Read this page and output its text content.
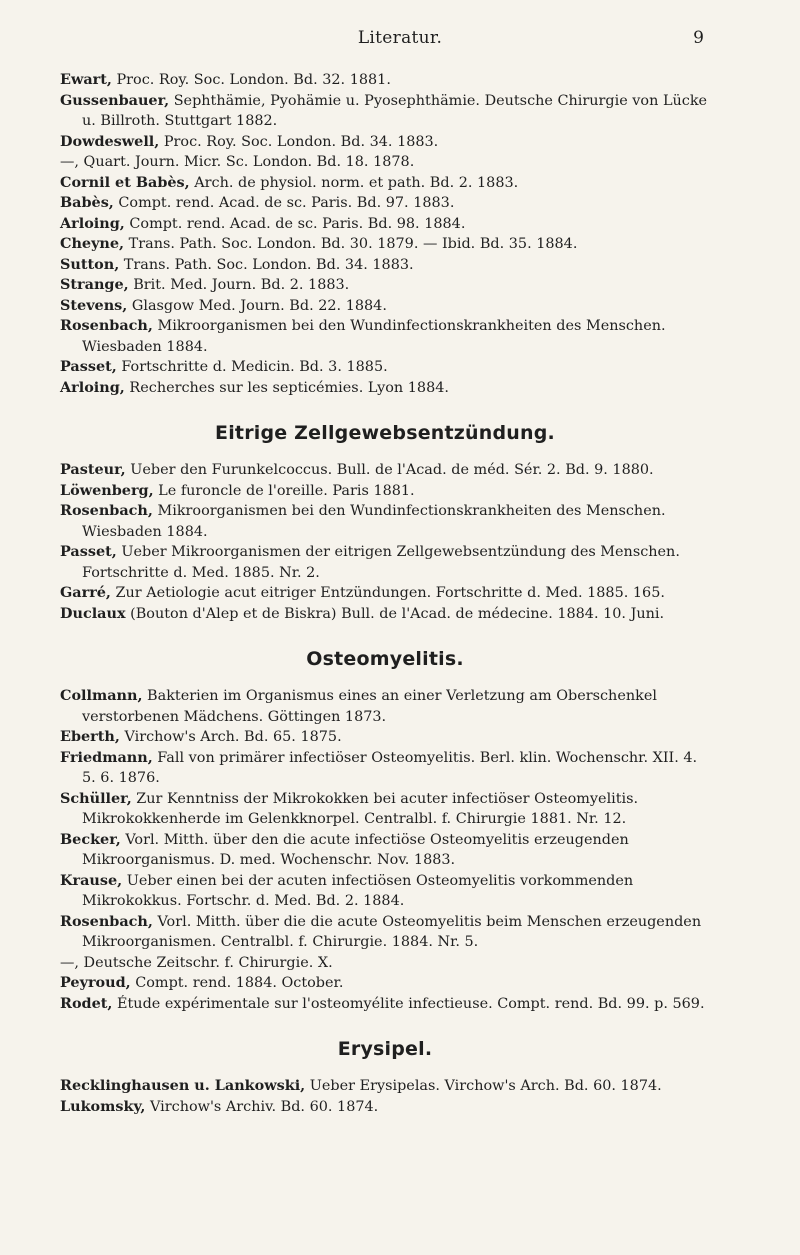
Literatur.	9
Ewart, Proc. Roy. Soc. London. Bd. 32. 1881.
Gussenbauer, Sephthämie, Pyohämie u. Pyosephthämie. Deutsche Chirurgie von Lücke u. Billroth. Stuttgart 1882.
Dowdeswell, Proc. Roy. Soc. London. Bd. 34. 1883.
—, Quart. Journ. Micr. Sc. London. Bd. 18. 1878.
Cornil et Babès, Arch. de physiol. norm. et path. Bd. 2. 1883.
Babès, Compt. rend. Acad. de sc. Paris. Bd. 97. 1883.
Arloing, Compt. rend. Acad. de sc. Paris. Bd. 98. 1884.
Cheyne, Trans. Path. Soc. London. Bd. 30. 1879. — Ibid. Bd. 35. 1884.
Sutton, Trans. Path. Soc. London. Bd. 34. 1883.
Strange, Brit. Med. Journ. Bd. 2. 1883.
Stevens, Glasgow Med. Journ. Bd. 22. 1884.
Rosenbach, Mikroorganismen bei den Wundinfectionskrankheiten des Menschen. Wiesbaden 1884.
Passet, Fortschritte d. Medicin. Bd. 3. 1885.
Arloing, Recherches sur les septicémies. Lyon 1884.
Eitrige Zellgewebsentzündung.
Pasteur, Ueber den Furunkelcoccus. Bull. de l'Acad. de méd. Sér. 2. Bd. 9. 1880.
Löwenberg, Le furoncle de l'oreille. Paris 1881.
Rosenbach, Mikroorganismen bei den Wundinfectionskrankheiten des Menschen. Wiesbaden 1884.
Passet, Ueber Mikroorganismen der eitrigen Zellgewebsentzündung des Menschen. Fortschritte d. Med. 1885. Nr. 2.
Garré, Zur Aetiologie acut eitriger Entzündungen. Fortschritte d. Med. 1885. 165.
Duclaux (Bouton d'Alep et de Biskra) Bull. de l'Acad. de médecine. 1884. 10. Juni.
Osteomyelitis.
Collmann, Bakterien im Organismus eines an einer Verletzung am Oberschenkel verstorbenen Mädchens. Göttingen 1873.
Eberth, Virchow's Arch. Bd. 65. 1875.
Friedmann, Fall von primärer infectiöser Osteomyelitis. Berl. klin. Wochenschr. XII. 4. 5. 6. 1876.
Schüller, Zur Kenntniss der Mikrokokken bei acuter infectiöser Osteomyelitis. Mikrokokkenherde im Gelenkknorpel. Centralbl. f. Chirurgie 1881. Nr. 12.
Becker, Vorl. Mitth. über den die acute infectiöse Osteomyelitis erzeugenden Mikroorganismus. D. med. Wochenschr. Nov. 1883.
Krause, Ueber einen bei der acuten infectiösen Osteomyelitis vorkommenden Mikrokokkus. Fortschr. d. Med. Bd. 2. 1884.
Rosenbach, Vorl. Mitth. über die die acute Osteomyelitis beim Menschen erzeugenden Mikroorganismen. Centralbl. f. Chirurgie. 1884. Nr. 5.
—, Deutsche Zeitschr. f. Chirurgie. X.
Peyroud, Compt. rend. 1884. October.
Rodet, Étude expérimentale sur l'osteomyélite infectieuse. Compt. rend. Bd. 99. p. 569.
Erysipel.
Recklinghausen u. Lankowski, Ueber Erysipelas. Virchow's Arch. Bd. 60. 1874.
Lukomsky, Virchow's Archiv. Bd. 60. 1874.
